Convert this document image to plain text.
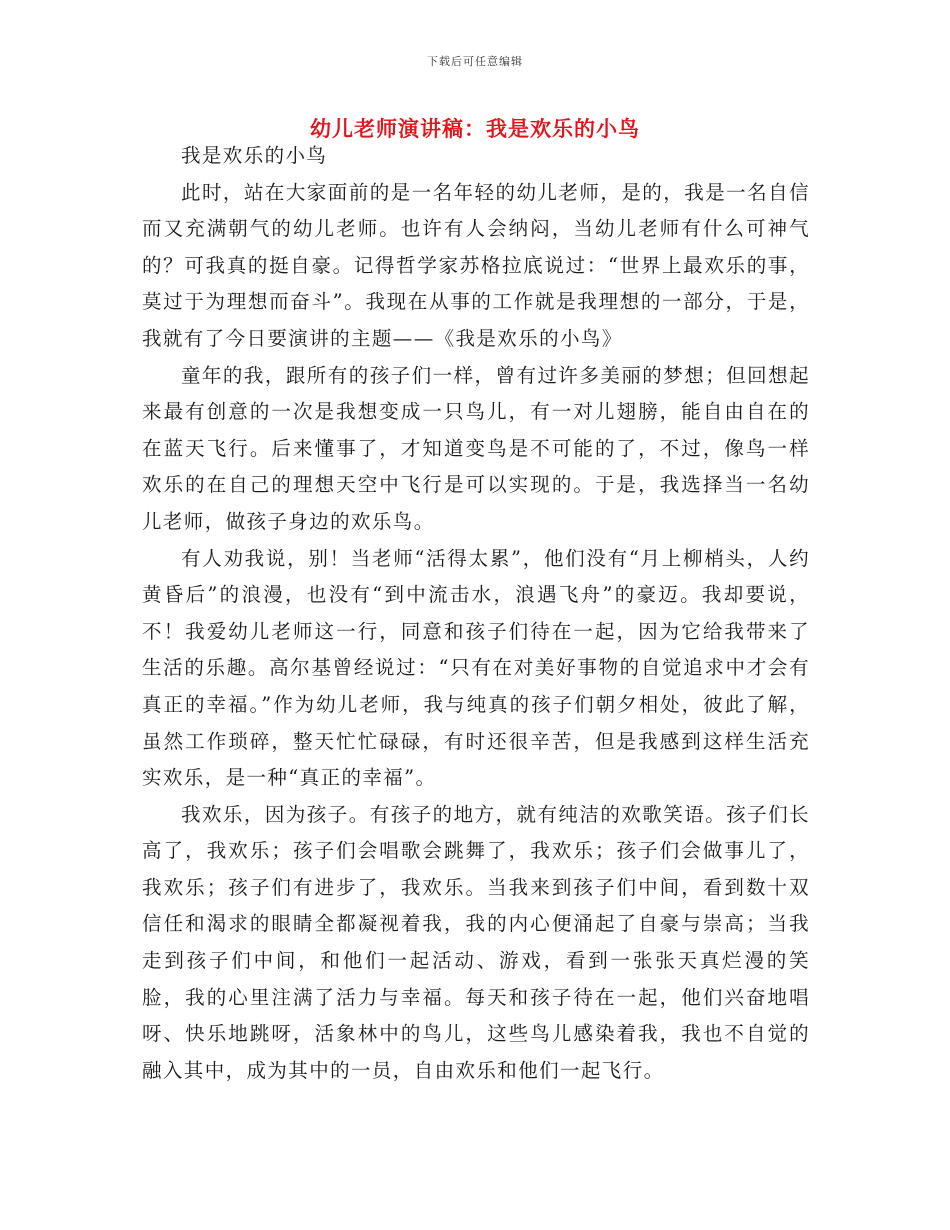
下载后可任意编辑
幼儿老师演讲稿：我是欢乐的小鸟

我是欢乐的小鸟

此时，站在大家面前的是一名年轻的幼儿老师，是的，我是一名自信而又充满朝气的幼儿老师。也许有人会纳闷，当幼儿老师有什么可神气的？可我真的挺自豪。记得哲学家苏格拉底说过：“世界上最欢乐的事，莫过于为理想而奋斗”。我现在从事的工作就是我理想的一部分，于是，我就有了今日要演讲的主题——《我是欢乐的小鸟》

童年的我，跟所有的孩子们一样，曾有过许多美丽的梦想；但回想起来最有创意的一次是我想变成一只鸟儿，有一对儿翅膀，能自由自在的在蓝天飞行。后来懂事了，才知道变鸟是不可能的了，不过，像鸟一样欢乐的在自己的理想天空中飞行是可以实现的。于是，我选择当一名幼儿老师，做孩子身边的欢乐鸟。

有人劝我说，别！当老师“活得太累”，他们没有“月上柳梢头，人约黄昏后”的浪漫，也没有“到中流击水，浪遇飞舟”的豪迈。我却要说，不！我爱幼儿老师这一行，同意和孩子们待在一起，因为它给我带来了生活的乐趣。高尔基曾经说过：“只有在对美好事物的自觉追求中才会有真正的幸福。”作为幼儿老师，我与纯真的孩子们朝夕相处，彼此了解，虽然工作琐碎，整天忙忙碌碌，有时还很辛苦，但是我感到这样生活充实欢乐，是一种“真正的幸福”。

我欢乐，因为孩子。有孩子的地方，就有纯洁的欢歌笑语。孩子们长高了，我欢乐；孩子们会唱歌会跳舞了，我欢乐；孩子们会做事儿了，我欢乐；孩子们有进步了，我欢乐。当我来到孩子们中间，看到数十双信任和渴求的眼睛全都凝视着我，我的内心便涌起了自豪与崇高；当我走到孩子们中间，和他们一起活动、游戏，看到一张张天真烂漫的笑脸，我的心里注满了活力与幸福。每天和孩子待在一起，他们兴奋地唱呀、快乐地跳呀，活象林中的鸟儿，这些鸟儿感染着我，我也不自觉的融入其中，成为其中的一员，自由欢乐和他们一起飞行。
